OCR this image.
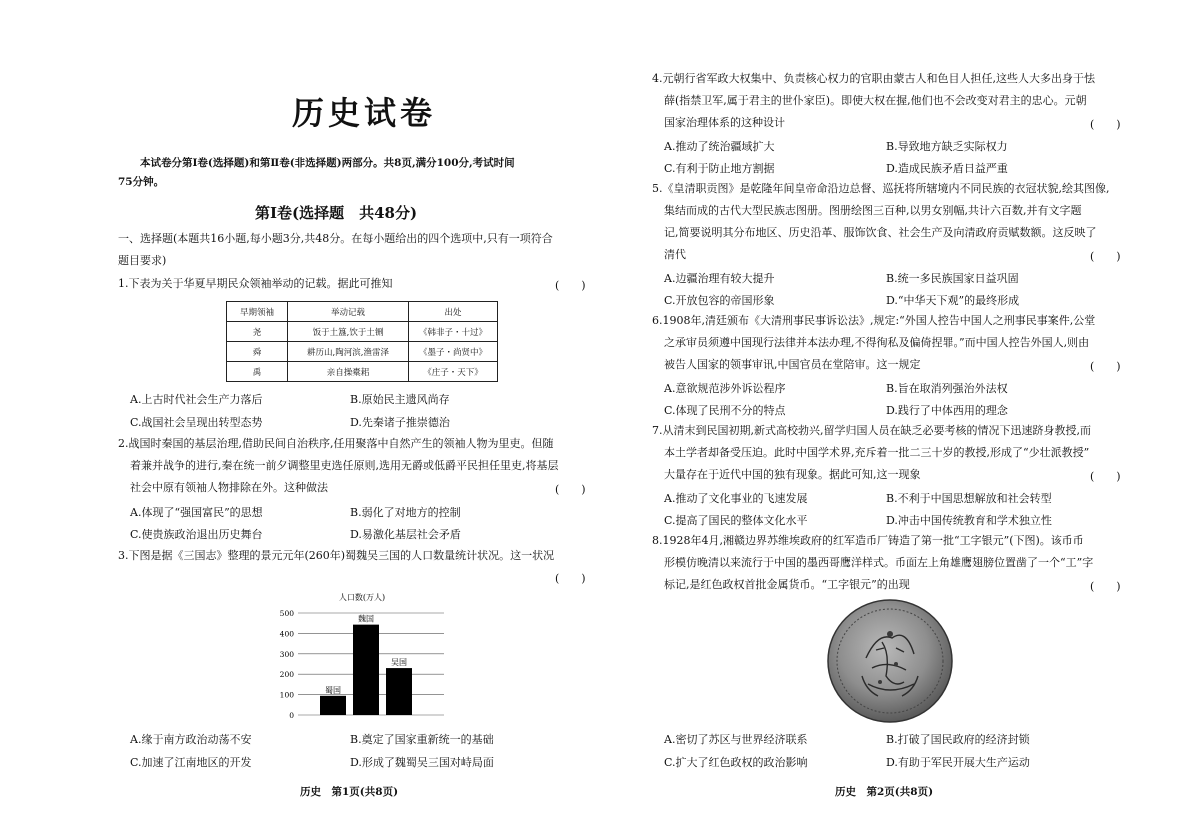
历史试卷
本试卷分第Ⅰ卷(选择题)和第Ⅱ卷(非选择题)两部分。共8页,满分100分,考试时间
75分钟。
第Ⅰ卷(选择题　共48分)
一、选择题(本题共16小题,每小题3分,共48分。在每小题给出的四个选项中,只有一项符合
题目要求)
1.下表为关于华夏早期民众领袖举动的记载。据此可推知	(　　)
早期领袖	举动记载	出处
尧	饭于土簋,饮于土铏	《韩非子・十过》
舜	耕历山,陶河滨,渔雷泽	《墨子・尚贤中》
禹	亲自操橐耜	《庄子・天下》
A.上古时代社会生产力落后	B.原始民主遗风尚存
C.战国社会呈现出转型态势	D.先秦诸子推崇德治
2.战国时秦国的基层治理,借助民间自治秩序,任用聚落中自然产生的领袖人物为里吏。但随
着兼并战争的进行,秦在统一前夕调整里吏选任原则,选用无爵或低爵平民担任里吏,将基层
社会中原有领袖人物排除在外。这种做法	(　　)
A.体现了“强国富民”的思想	B.弱化了对地方的控制
C.使贵族政治退出历史舞台	D.易激化基层社会矛盾
3.下图是据《三国志》整理的景元元年(260年)蜀魏吴三国的人口数量统计状况。这一状况
(　　)
人口数(万人)
0
100
200
300
400
500
蜀国
魏国
吴国
A.缘于南方政治动荡不安	B.奠定了国家重新统一的基础
C.加速了江南地区的开发	D.形成了魏蜀吴三国对峙局面
历史　第1页(共8页)
4.元朝行省军政大权集中、负责核心权力的官职由蒙古人和色目人担任,这些人大多出身于怯
薛(指禁卫军,属于君主的世仆家臣)。即使大权在握,他们也不会改变对君主的忠心。元朝
国家治理体系的这种设计	(　　)
A.推动了统治疆域扩大	B.导致地方缺乏实际权力
C.有利于防止地方割据	D.造成民族矛盾日益严重
5.《皇清职贡图》是乾隆年间皇帝命沿边总督、巡抚将所辖境内不同民族的衣冠状貌,绘其图像,
集结而成的古代大型民族志图册。图册绘图三百种,以男女别幅,共计六百数,并有文字题
记,简要说明其分布地区、历史沿革、服饰饮食、社会生产及向清政府贡赋数额。这反映了
清代	(　　)
A.边疆治理有较大提升	B.统一多民族国家日益巩固
C.开放包容的帝国形象	D.“中华天下观”的最终形成
6.1908年,清廷颁布《大清刑事民事诉讼法》,规定:“外国人控告中国人之刑事民事案件,公堂
之承审员须遵中国现行法律并本法办理,不得徇私及偏倚捏罪。”而中国人控告外国人,则由
被告人国家的领事审讯,中国官员在堂陪审。这一规定	(　　)
A.意欲规范涉外诉讼程序	B.旨在取消列强治外法权
C.体现了民刑不分的特点	D.践行了中体西用的理念
7.从清末到民国初期,新式高校勃兴,留学归国人员在缺乏必要考核的情况下迅速跻身教授,而
本土学者却备受压迫。此时中国学术界,充斥着一批二三十岁的教授,形成了“少壮派教授”
大量存在于近代中国的独有现象。据此可知,这一现象	(　　)
A.推动了文化事业的飞速发展	B.不利于中国思想解放和社会转型
C.提高了国民的整体文化水平	D.冲击中国传统教育和学术独立性
8.1928年4月,湘赣边界苏维埃政府的红军造币厂铸造了第一批“工字银元”(下图)。该币币
形模仿晚清以来流行于中国的墨西哥鹰洋样式。币面左上角雄鹰翅膀位置凿了一个“工”字
标记,是红色政权首批金属货币。“工字银元”的出现	(　　)
A.密切了苏区与世界经济联系	B.打破了国民政府的经济封锁
C.扩大了红色政权的政治影响	D.有助于军民开展大生产运动
历史　第2页(共8页)
